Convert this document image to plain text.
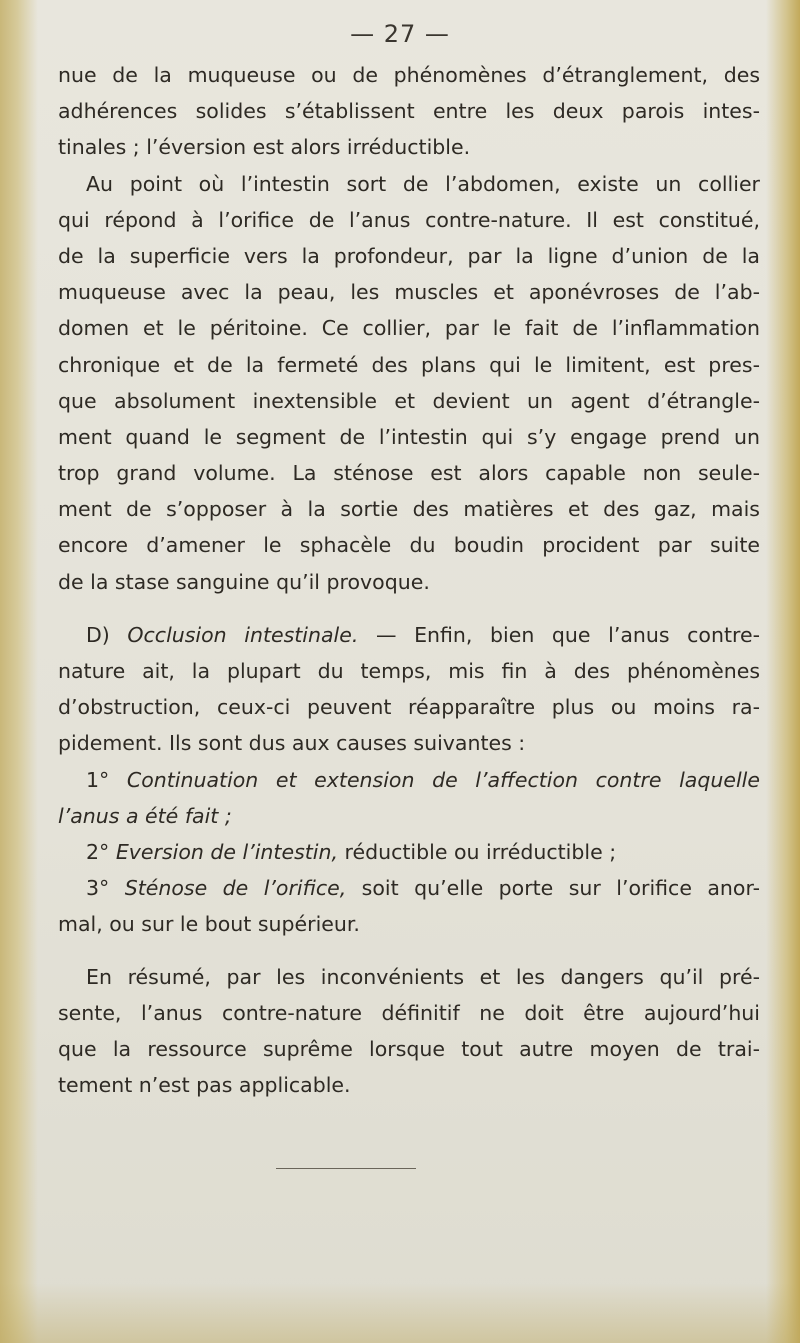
— 27 —
nue de la muqueuse ou de phénomènes d’étranglement, des
adhérences solides s’établissent entre les deux parois intes-
tinales ; l’éversion est alors irréductible.
Au point où l’intestin sort de l’abdomen, existe un collier
qui répond à l’orifice de l’anus contre-nature. Il est constitué,
de la superficie vers la profondeur, par la ligne d’union de la
muqueuse avec la peau, les muscles et aponévroses de l’ab-
domen et le péritoine. Ce collier, par le fait de l’inflammation
chronique et de la fermeté des plans qui le limitent, est pres-
que absolument inextensible et devient un agent d’étrangle-
ment quand le segment de l’intestin qui s’y engage prend un
trop grand volume. La sténose est alors capable non seule-
ment de s’opposer à la sortie des matières et des gaz, mais
encore d’amener le sphacèle du boudin procident par suite
de la stase sanguine qu’il provoque.
D) Occlusion intestinale. — Enfin, bien que l’anus contre-
nature ait, la plupart du temps, mis fin à des phénomènes
d’obstruction, ceux-ci peuvent réapparaître plus ou moins ra-
pidement. Ils sont dus aux causes suivantes :
1° Continuation et extension de l’affection contre laquelle
l’anus a été fait ;
2° Eversion de l’intestin, réductible ou irréductible ;
3° Sténose de l’orifice, soit qu’elle porte sur l’orifice anor-
mal, ou sur le bout supérieur.
En résumé, par les inconvénients et les dangers qu’il pré-
sente, l’anus contre-nature définitif ne doit être aujourd’hui
que la ressource suprême lorsque tout autre moyen de trai-
tement n’est pas applicable.
